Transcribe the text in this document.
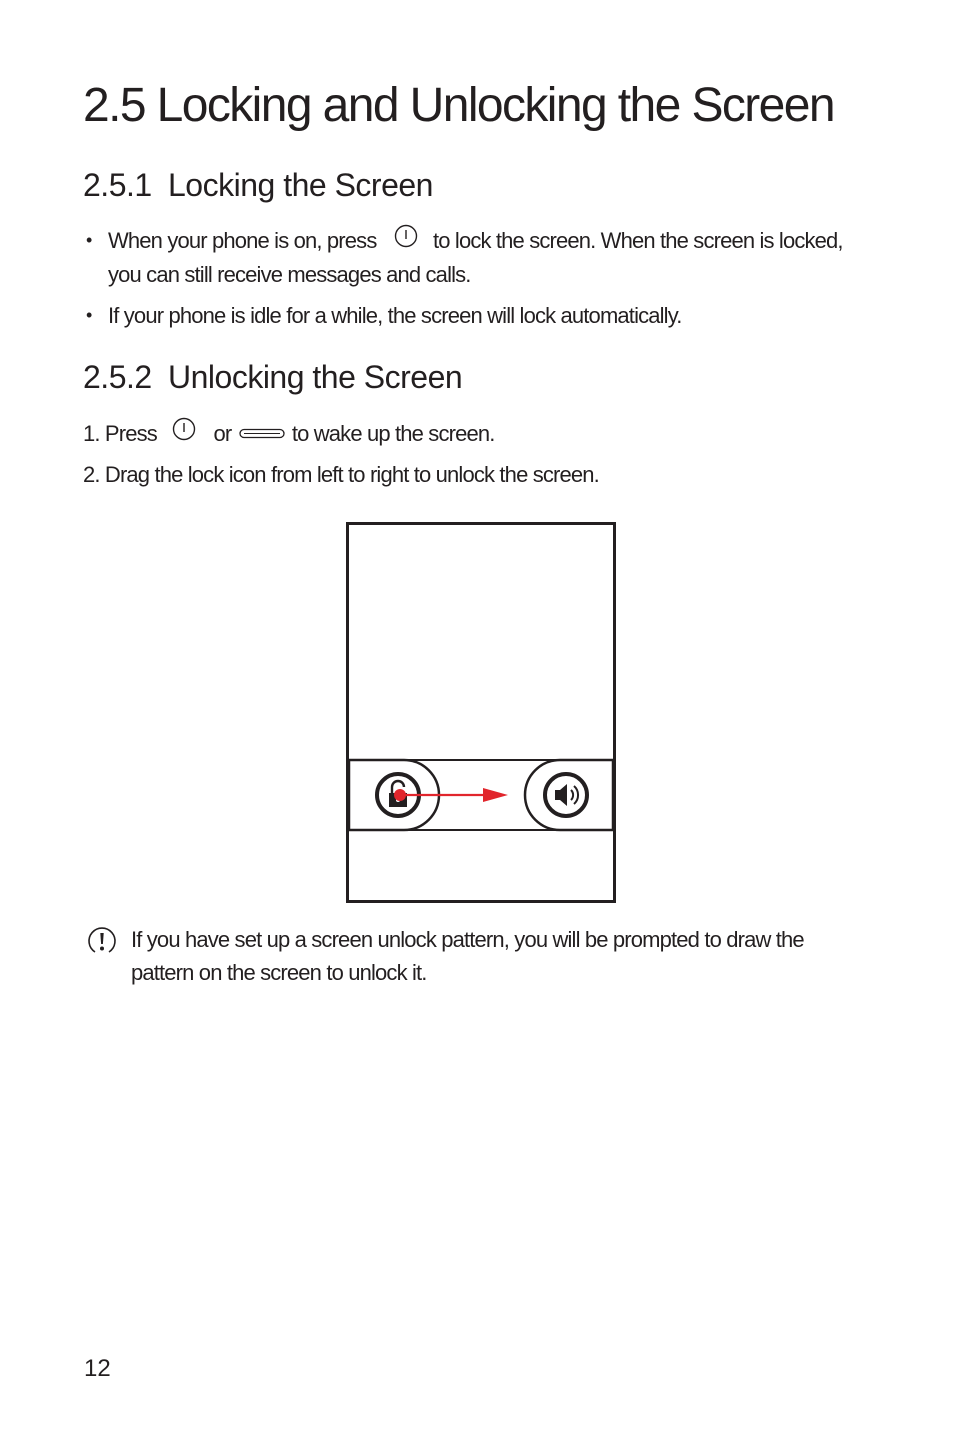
2.5 Locking and Unlocking the Screen
2.5.1 Locking the Screen
• When your phone is on, press	to lock the screen. When the screen is locked,
you can still receive messages and calls.
• If your phone is idle for a while, the screen will lock automatically.
2.5.2 Unlocking the Screen
1. Press	or	to wake up the screen.
2. Drag the lock icon from left to right to unlock the screen.
If you have set up a screen unlock pattern, you will be prompted to draw the
pattern on the screen to unlock it.
12
